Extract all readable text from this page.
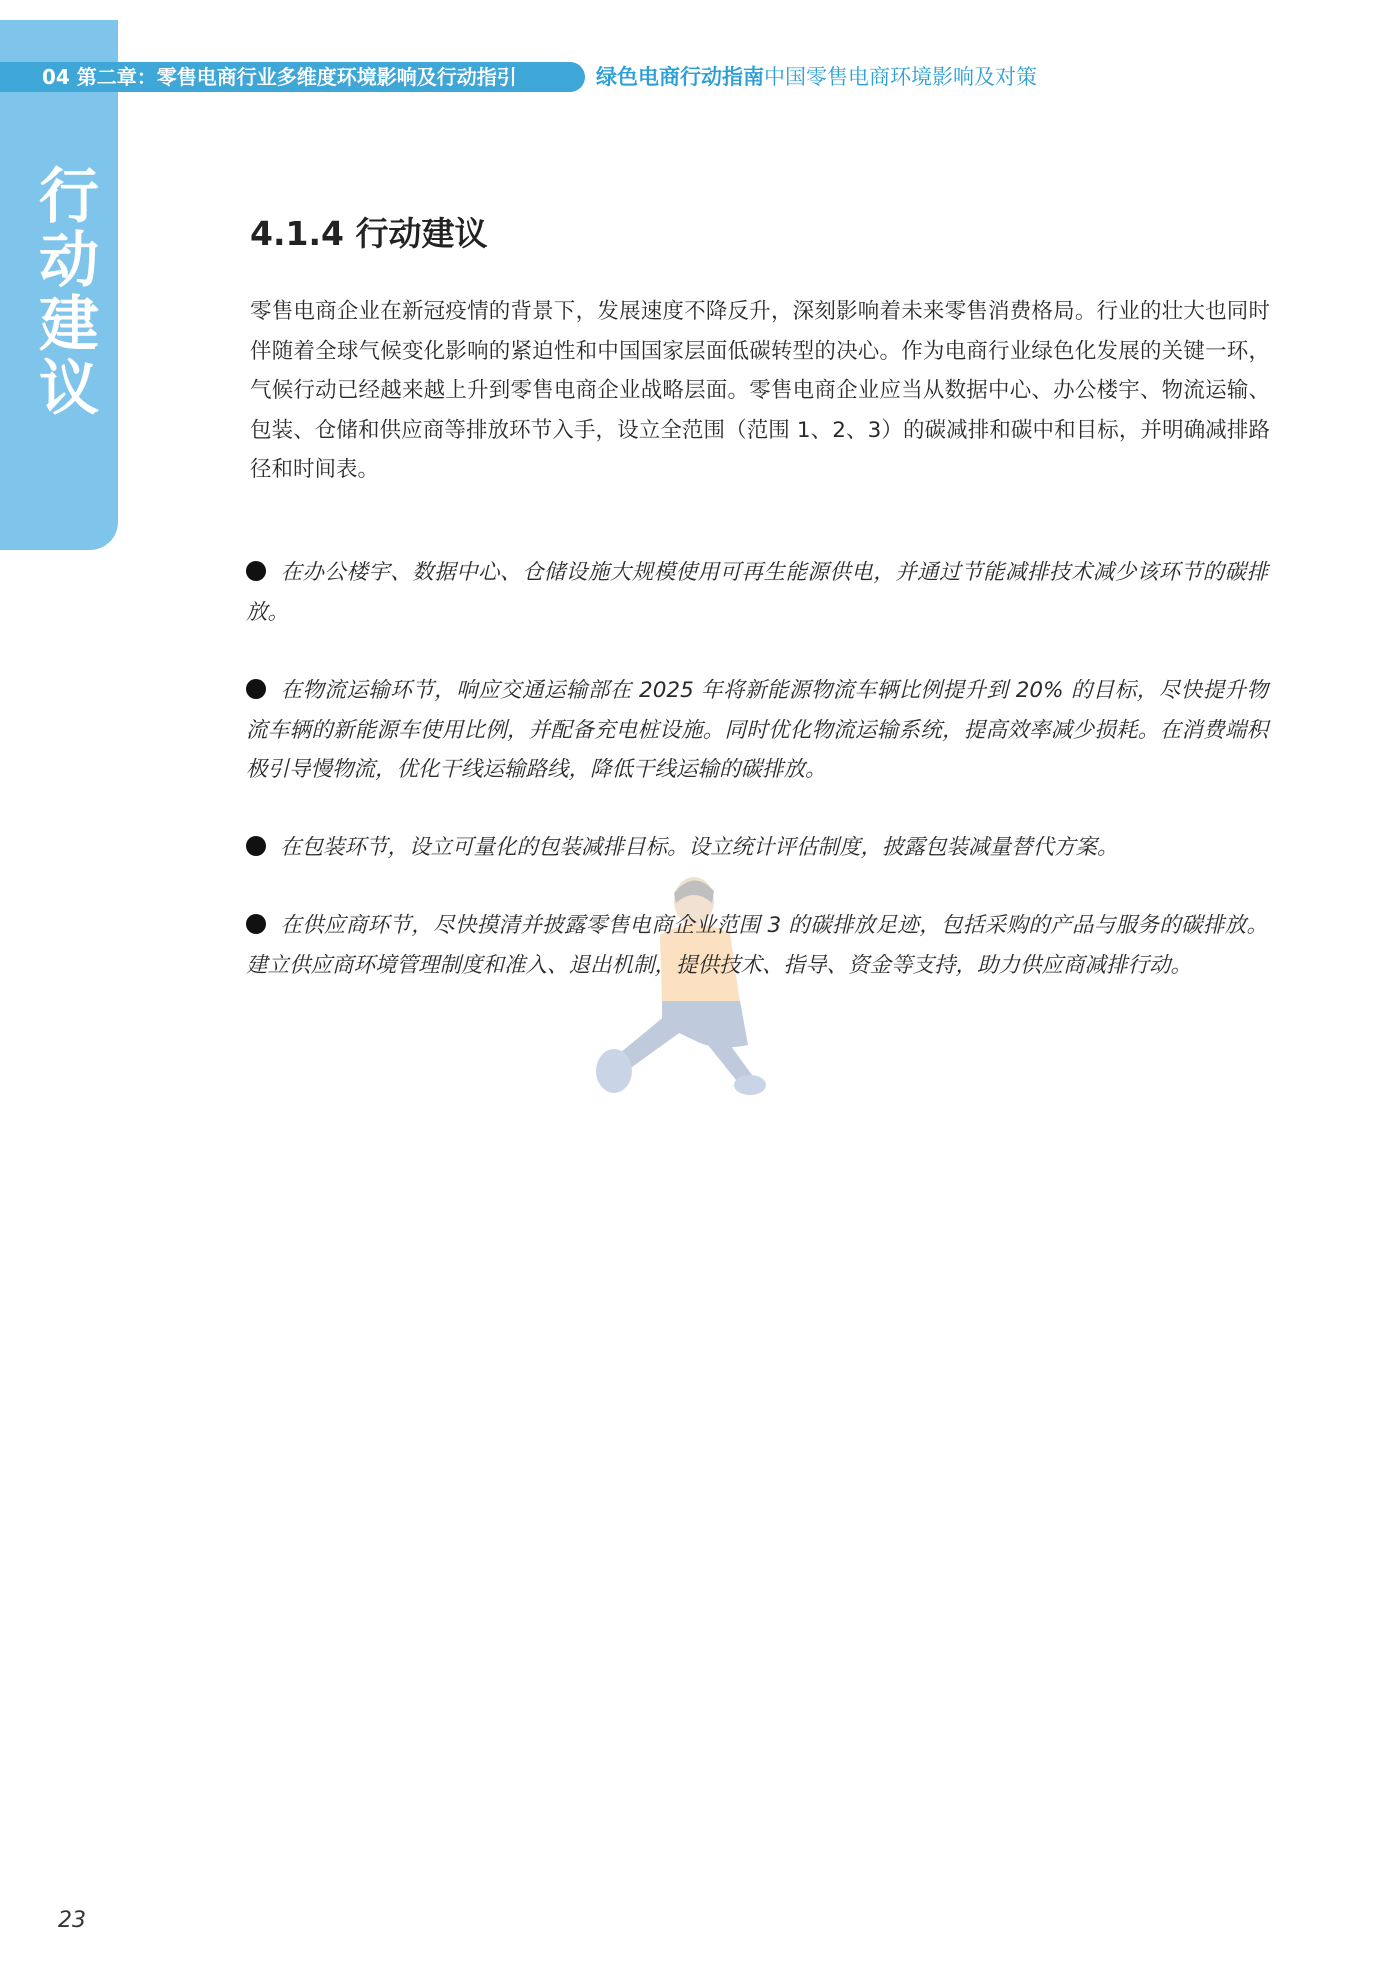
行
动
建
议
04 第二章：零售电商行业多维度环境影响及行动指引	绿色电商行动指南中国零售电商环境影响及对策
4.1.4 行动建议
零售电商企业在新冠疫情的背景下，发展速度不降反升，深刻影响着未来零售消费格局。行业的壮大也同时伴随着全球气候变化影响的紧迫性和中国国家层面低碳转型的决心。作为电商行业绿色化发展的关键一环，气候行动已经越来越上升到零售电商企业战略层面。零售电商企业应当从数据中心、办公楼宇、物流运输、包装、仓储和供应商等排放环节入手，设立全范围（范围 1、2、3）的碳减排和碳中和目标，并明确减排路径和时间表。
在办公楼宇、数据中心、仓储设施大规模使用可再生能源供电，并通过节能减排技术减少该环节的碳排放。
在物流运输环节，响应交通运输部在 2025 年将新能源物流车辆比例提升到 20% 的目标，尽快提升物流车辆的新能源车使用比例，并配备充电桩设施。同时优化物流运输系统，提高效率减少损耗。在消费端积极引导慢物流，优化干线运输路线，降低干线运输的碳排放。
在包装环节，设立可量化的包装减排目标。设立统计评估制度，披露包装减量替代方案。
在供应商环节，尽快摸清并披露零售电商企业范围 3 的碳排放足迹，包括采购的产品与服务的碳排放。建立供应商环境管理制度和准入、退出机制，提供技术、指导、资金等支持，助力供应商减排行动。
23
